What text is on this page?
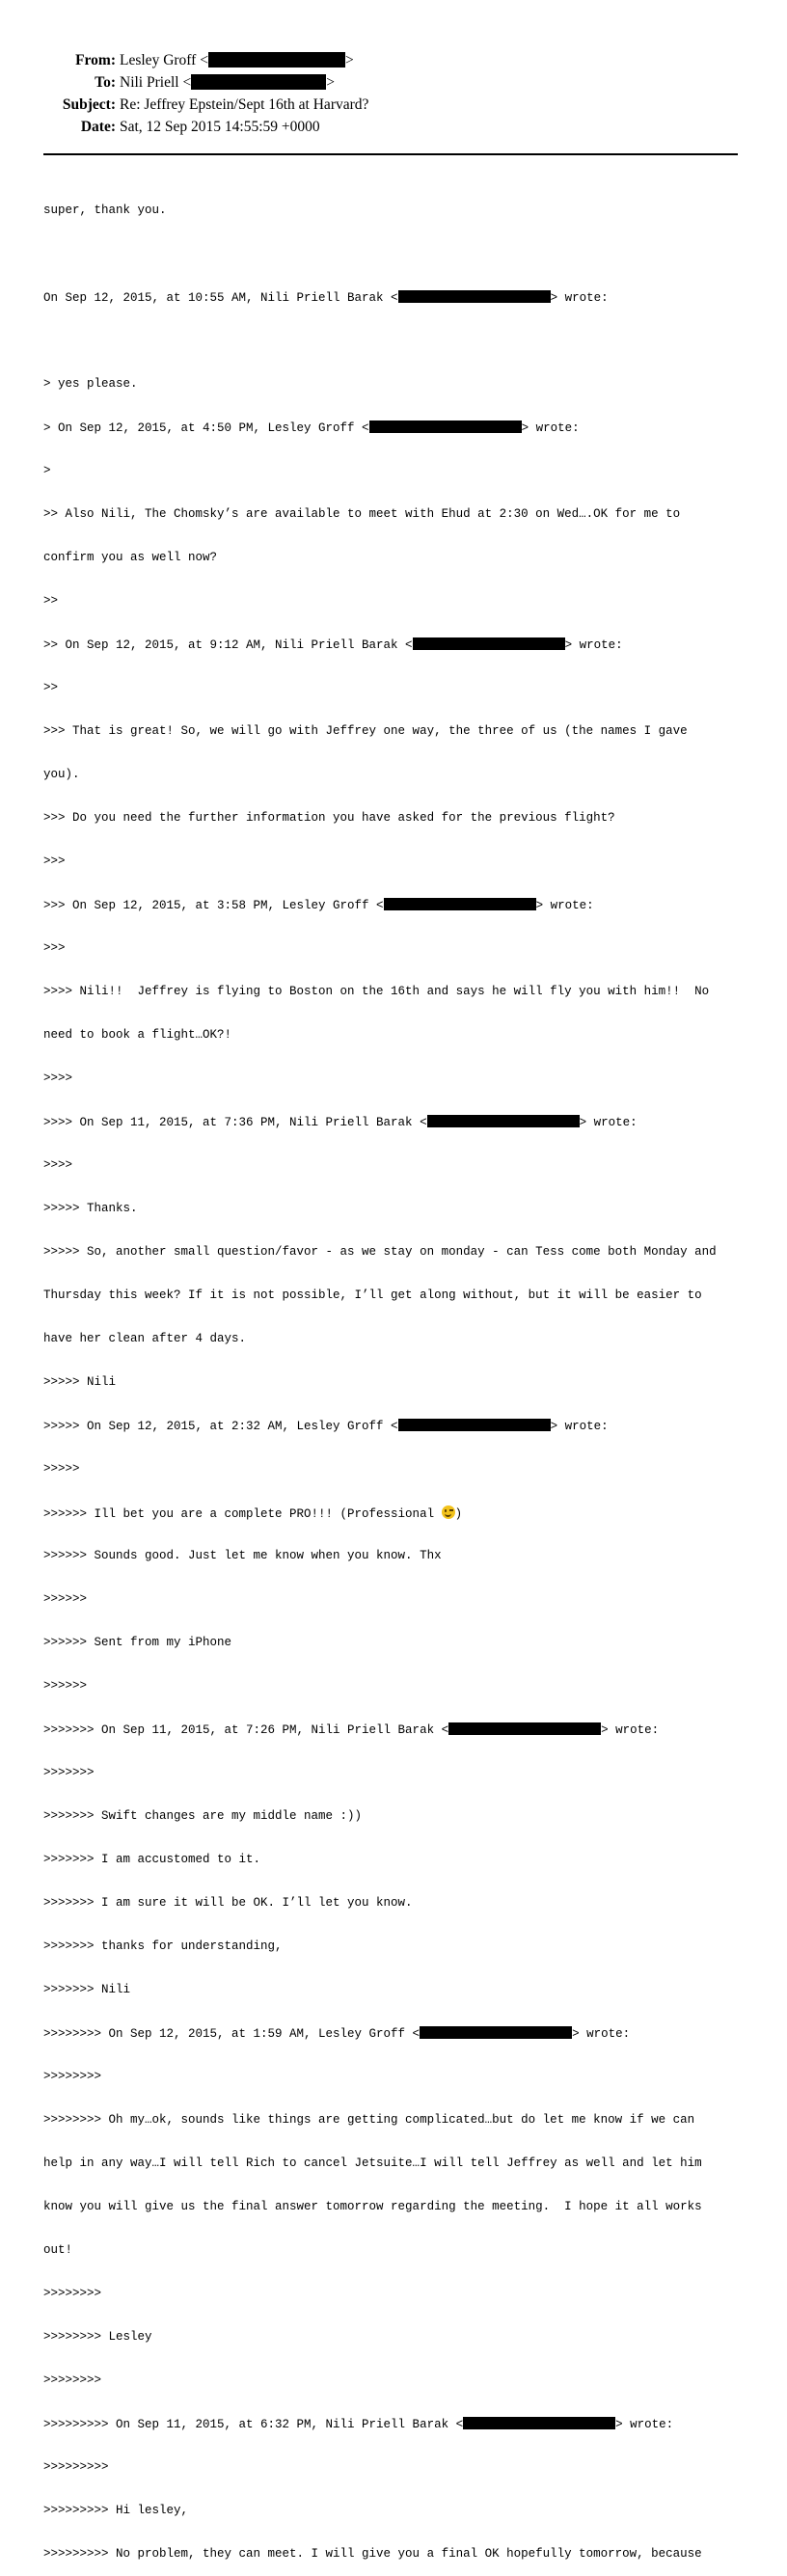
From: Lesley Groff <	>
To: Nili Priell <	>
Subject: Re: Jeffrey Epstein/Sept 16th at Harvard?
Date: Sat, 12 Sep 2015 14:55:59 +0000

super, thank you.

On Sep 12, 2015, at 10:55 AM, Nili Priell Barak <	> wrote:

> yes please.

> On Sep 12, 2015, at 4:50 PM, Lesley Groff <	> wrote:

>

>> Also Nili, The Chomsky’s are available to meet with Ehud at 2:30 on Wed….OK for me to

confirm you as well now?

>>

>> On Sep 12, 2015, at 9:12 AM, Nili Priell Barak <	> wrote:

>>

>>> That is great! So, we will go with Jeffrey one way, the three of us (the names I gave

you).

>>> Do you need the further information you have asked for the previous flight?

>>>

>>> On Sep 12, 2015, at 3:58 PM, Lesley Groff <	> wrote:

>>>

>>>> Nili!!  Jeffrey is flying to Boston on the 16th and says he will fly you with him!!  No

need to book a flight…OK?!

>>>>

>>>> On Sep 11, 2015, at 7:36 PM, Nili Priell Barak <	> wrote:

>>>>

>>>>> Thanks.

>>>>> So, another small question/favor - as we stay on monday - can Tess come both Monday and

Thursday this week? If it is not possible, I’ll get along without, but it will be easier to

have her clean after 4 days.

>>>>> Nili

>>>>> On Sep 12, 2015, at 2:32 AM, Lesley Groff <	> wrote:

>>>>>

>>>>>> Ill bet you are a complete PRO!!! (Professional
)

>>>>>> Sounds good. Just let me know when you know. Thx

>>>>>>

>>>>>> Sent from my iPhone

>>>>>>

>>>>>>> On Sep 11, 2015, at 7:26 PM, Nili Priell Barak <	> wrote:

>>>>>>>

>>>>>>> Swift changes are my middle name :))

>>>>>>> I am accustomed to it.

>>>>>>> I am sure it will be OK. I’ll let you know.

>>>>>>> thanks for understanding,

>>>>>>> Nili

>>>>>>>> On Sep 12, 2015, at 1:59 AM, Lesley Groff <	> wrote:

>>>>>>>>

>>>>>>>> Oh my…ok, sounds like things are getting complicated…but do let me know if we can

help in any way…I will tell Rich to cancel Jetsuite…I will tell Jeffrey as well and let him

know you will give us the final answer tomorrow regarding the meeting.  I hope it all works

out!

>>>>>>>>

>>>>>>>> Lesley

>>>>>>>>

>>>>>>>>> On Sep 11, 2015, at 6:32 PM, Nili Priell Barak <	> wrote:

>>>>>>>>>

>>>>>>>>> Hi lesley,

>>>>>>>>> No problem, they can meet. I will give you a final OK hopefully tomorrow, because
